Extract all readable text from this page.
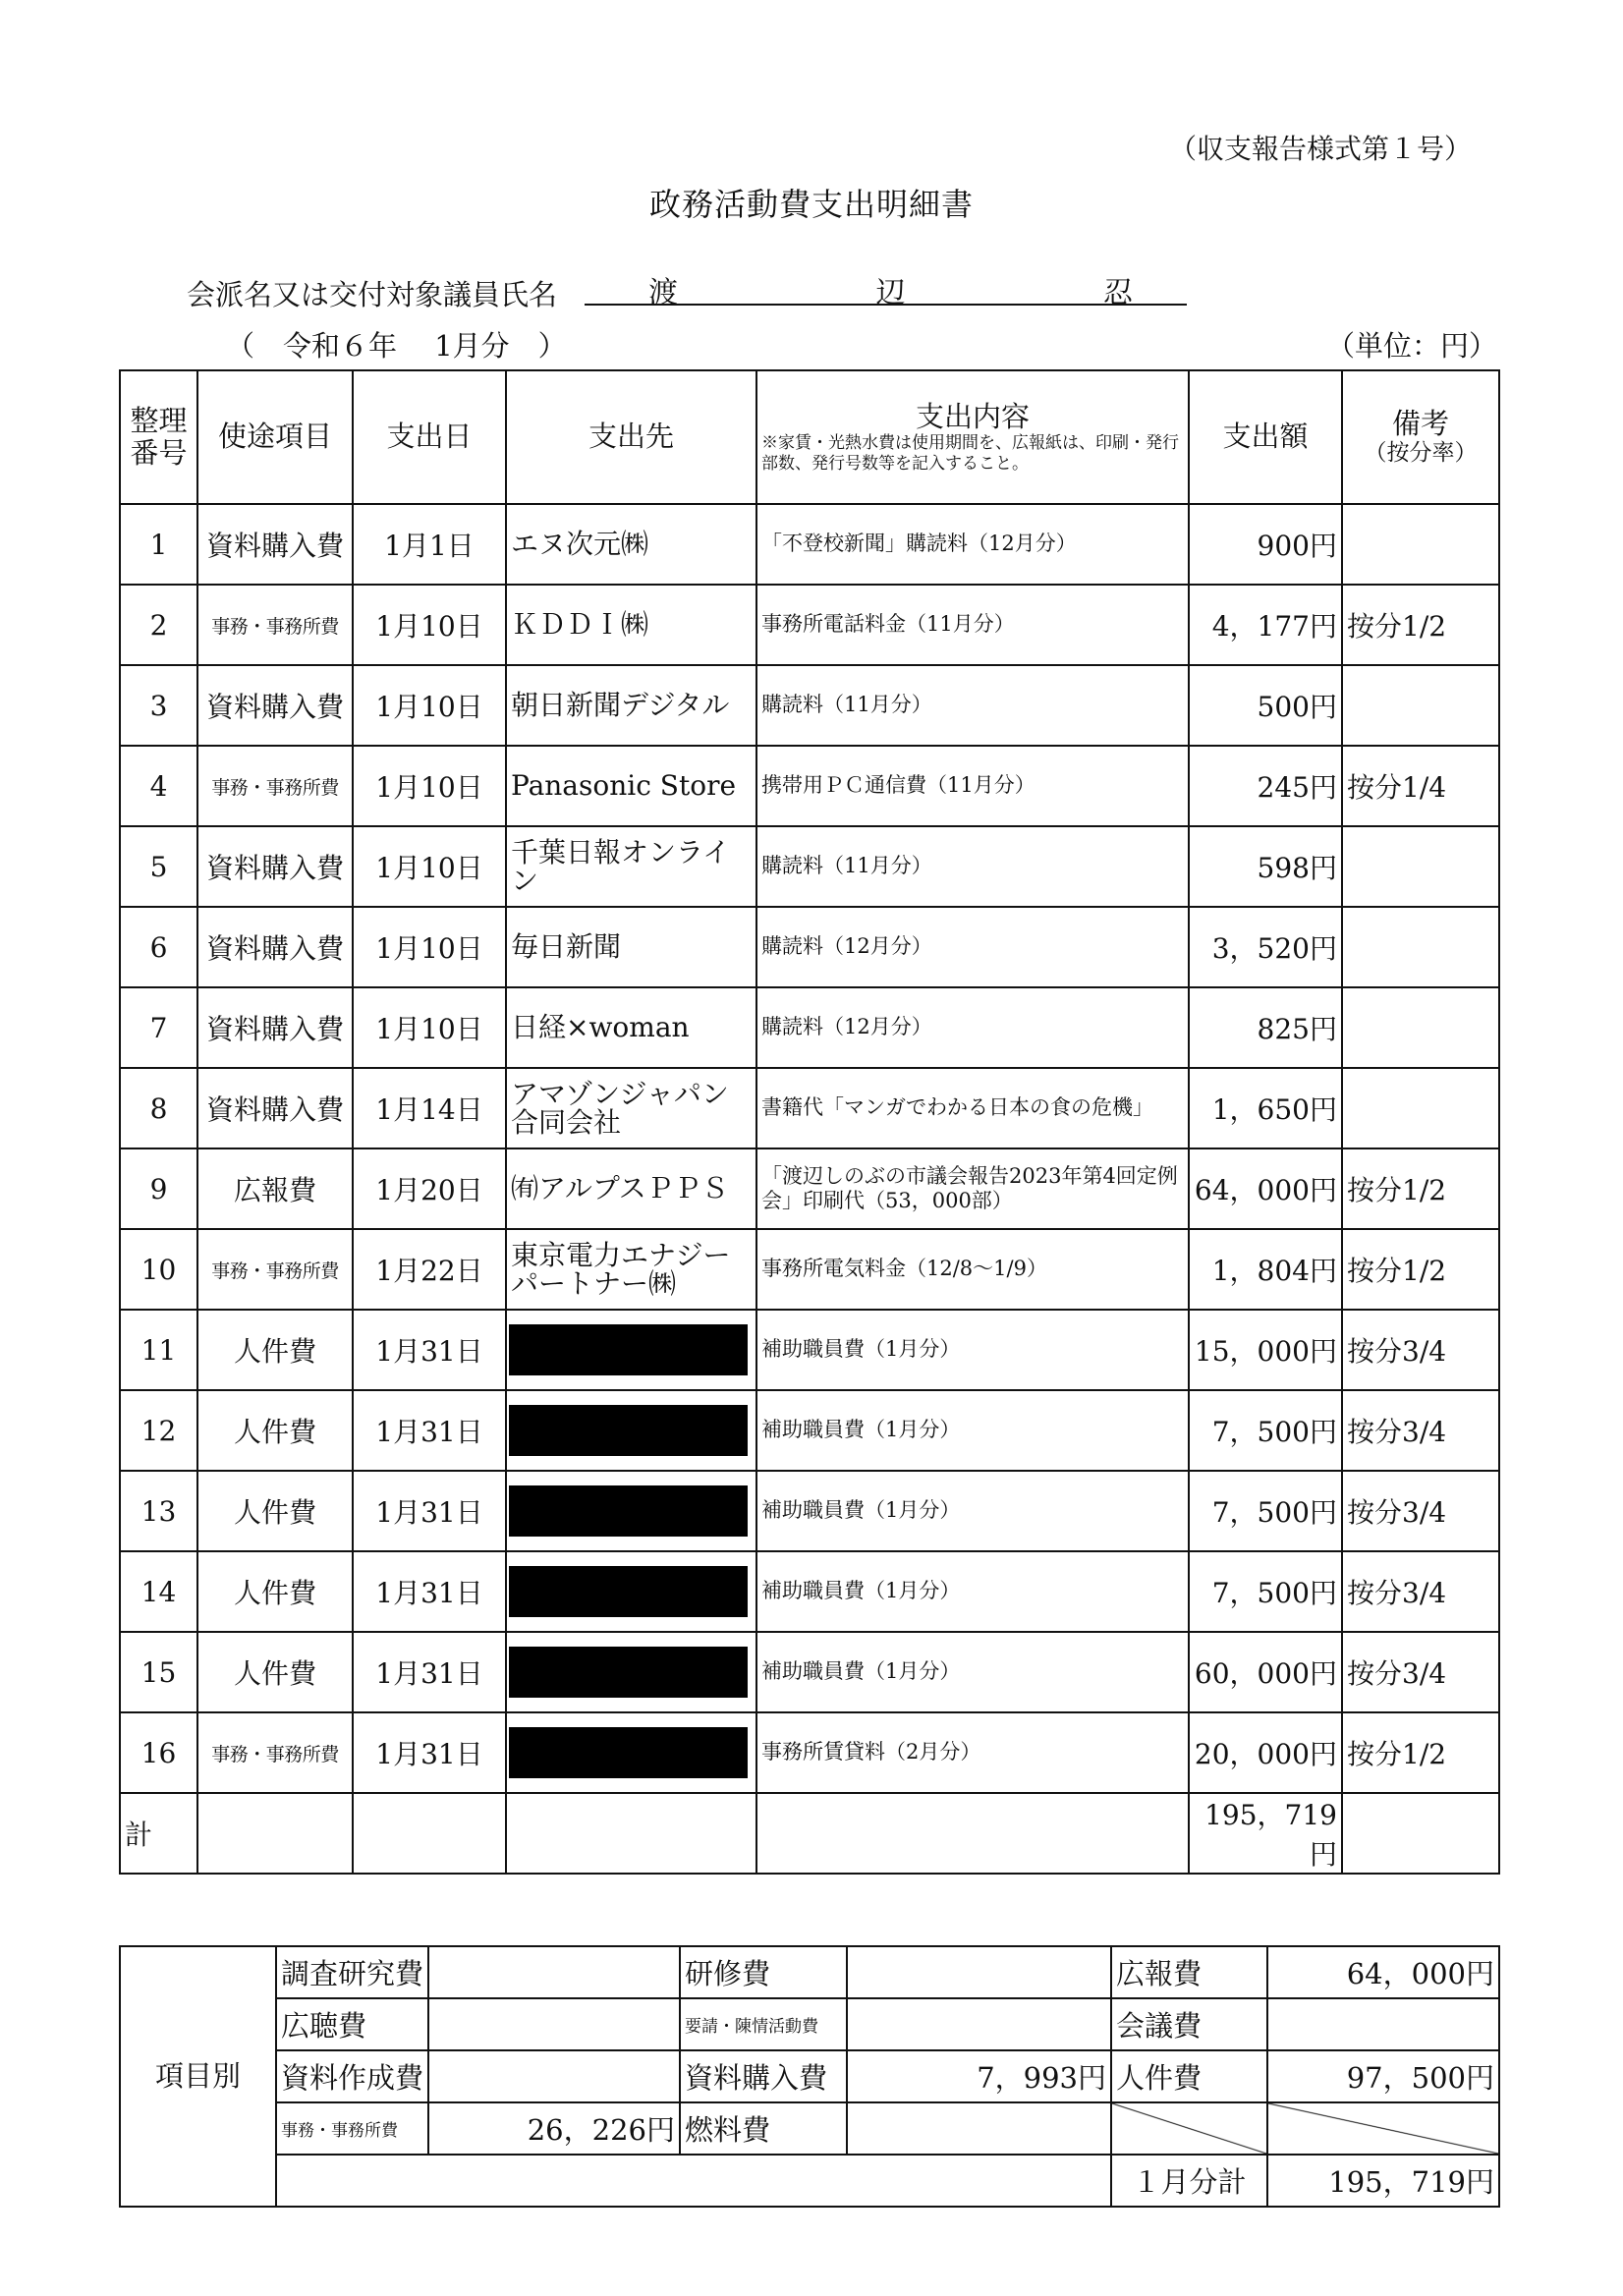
（収支報告様式第１号）
政務活動費支出明細書
会派名又は交付対象議員氏名	渡	辺	忍
（　令和６年　 1月分　）	（単位：円）
整理番号	使途項目	支出日	支出先	支出内容
※家賃・光熱水費は使用期間を、広報紙は、印刷・発行部数、発行号数等を記入すること。	支出額	備考
（按分率）

1	資料購入費	1月1日	エヌ次元㈱	「不登校新聞」購読料（12月分）	900円	
2	事務・事務所費	1月10日	ＫＤＤＩ㈱	事務所電話料金（11月分）	4，177円	按分1/2
3	資料購入費	1月10日	朝日新聞デジタル	購読料（11月分）	500円	
4	事務・事務所費	1月10日	Panasonic Store	携帯用ＰＣ通信費（11月分）	245円	按分1/4
5	資料購入費	1月10日	千葉日報オンライン	購読料（11月分）	598円	
6	資料購入費	1月10日	毎日新聞	購読料（12月分）	3，520円	
7	資料購入費	1月10日	日経×woman	購読料（12月分）	825円	
8	資料購入費	1月14日	アマゾンジャパン合同会社	書籍代「マンガでわかる日本の食の危機」	1，650円	
9	広報費	1月20日	㈲アルプスＰＰＳ	「渡辺しのぶの市議会報告2023年第4回定例会」印刷代（53，000部）	64，000円	按分1/2
10	事務・事務所費	1月22日	東京電力エナジーパートナー㈱	事務所電気料金（12/8～1/9）	1，804円	按分1/2
11	人件費	1月31日		補助職員費（1月分）	15，000円	按分3/4
12	人件費	1月31日		補助職員費（1月分）	7，500円	按分3/4
13	人件費	1月31日		補助職員費（1月分）	7，500円	按分3/4
14	人件費	1月31日		補助職員費（1月分）	7，500円	按分3/4
15	人件費	1月31日		補助職員費（1月分）	60，000円	按分3/4
16	事務・事務所費	1月31日		事務所賃貸料（2月分）	20，000円	按分1/2
計					195，719円	
項目別	調査研究費		研修費		広報費	64，000円
	広聴費		要請・陳情活動費		会議費	
	資料作成費		資料購入費	7，993円	人件費	97，500円
	事務・事務所費	26，226円	燃料費			
					１月分計	195，719円
